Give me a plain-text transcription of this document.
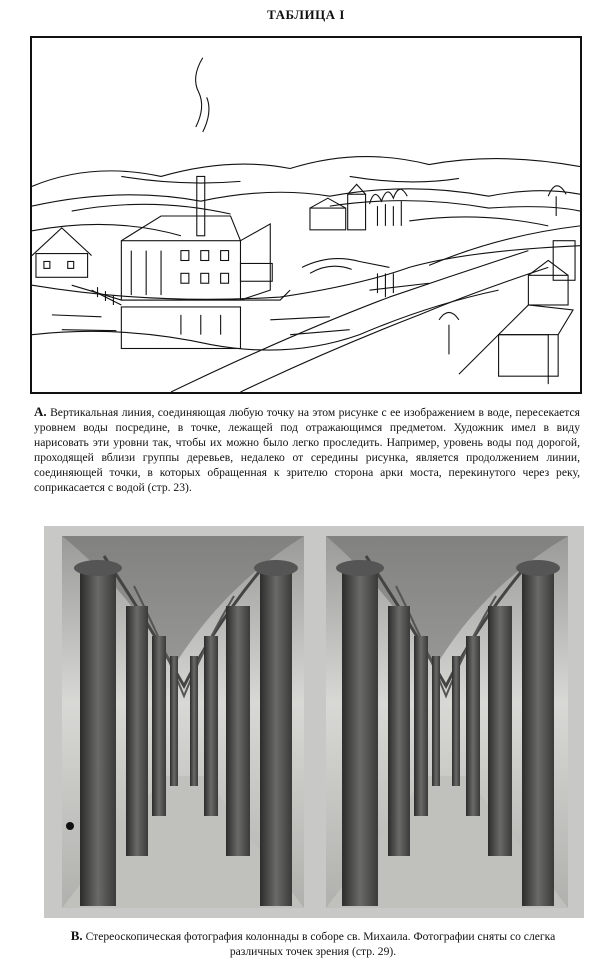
ТАБЛИЦА I
А. Вертикальная линия, соединяющая любую точку на этом рисунке с ее изображением в воде, пересекается уровнем воды посредине, в точке, лежащей под отражающимся предметом. Художник имел в виду нарисовать эти уровни так, чтобы их можно было легко проследить. Например, уровень воды под дорогой, проходящей вблизи группы деревьев, недалеко от середины рисунка, является продолжением линии, соединяющей точки, в которых обращенная к зрителю сторона арки моста, перекинутого через реку, соприкасается с водой (стр. 23).
В. Стереоскопическая фотография колоннады в соборе св. Михаила. Фотографии сняты со слегка различных точек зрения (стр. 29).
